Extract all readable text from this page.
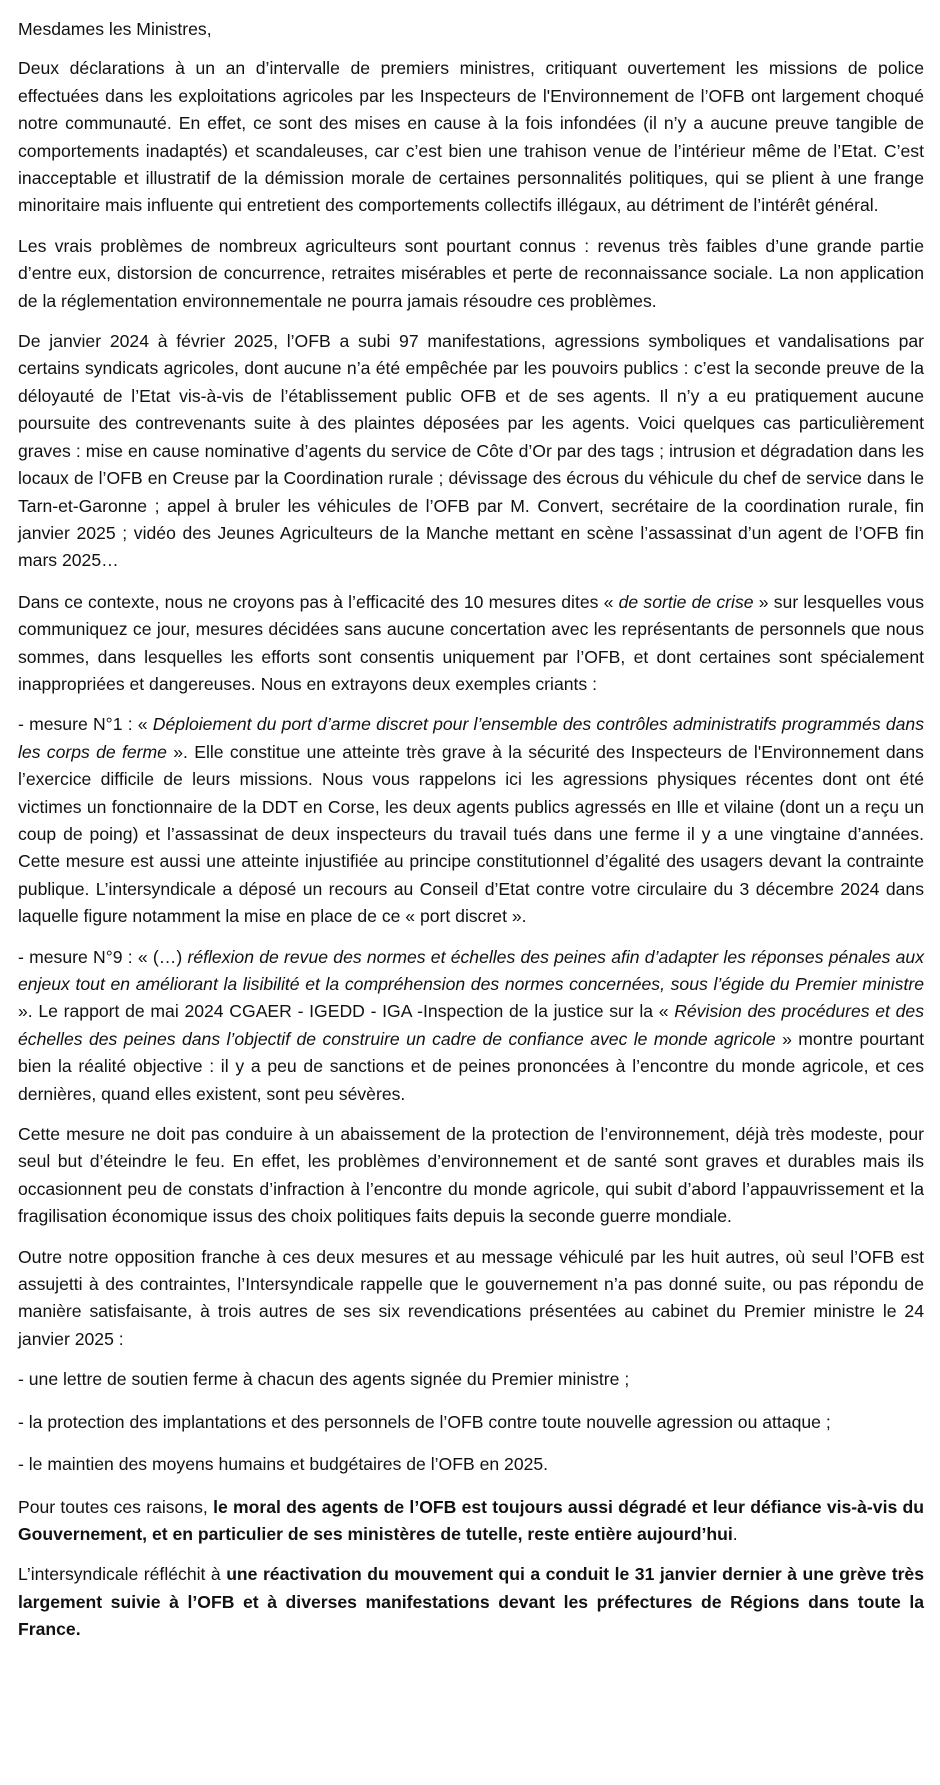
Mesdames les Ministres,

Deux déclarations à un an d’intervalle de premiers ministres, critiquant ouvertement les missions de police effectuées dans les exploitations agricoles par les Inspecteurs de l'Environnement de l’OFB ont largement choqué notre communauté. En effet, ce sont des mises en cause à la fois infondées (il n’y a aucune preuve tangible de comportements inadaptés) et scandaleuses, car c’est bien une trahison venue de l’intérieur même de l’Etat. C’est inacceptable et illustratif de la démission morale de certaines personnalités politiques, qui se plient à une frange minoritaire mais influente qui entretient des comportements collectifs illégaux, au détriment de l’intérêt général.

Les vrais problèmes de nombreux agriculteurs sont pourtant connus : revenus très faibles d’une grande partie d’entre eux, distorsion de concurrence, retraites misérables et perte de reconnaissance sociale. La non application de la réglementation environnementale ne pourra jamais résoudre ces problèmes.

De janvier 2024 à février 2025, l’OFB a subi 97 manifestations, agressions symboliques et vandalisations par certains syndicats agricoles, dont aucune n’a été empêchée par les pouvoirs publics : c’est la seconde preuve de la déloyauté de l’Etat vis-à-vis de l’établissement public OFB et de ses agents. Il n’y a eu pratiquement aucune poursuite des contrevenants suite à des plaintes déposées par les agents. Voici quelques cas particulièrement graves : mise en cause nominative d’agents du service de Côte d’Or par des tags ; intrusion et dégradation dans les locaux de l’OFB en Creuse par la Coordination rurale ; dévissage des écrous du véhicule du chef de service dans le Tarn-et-Garonne ; appel à bruler les véhicules de l’OFB par M. Convert, secrétaire de la coordination rurale, fin janvier 2025 ; vidéo des Jeunes Agriculteurs de la Manche mettant en scène l’assassinat d’un agent de l’OFB fin mars 2025…

Dans ce contexte, nous ne croyons pas à l’efficacité des 10 mesures dites « de sortie de crise » sur lesquelles vous communiquez ce jour, mesures décidées sans aucune concertation avec les représentants de personnels que nous sommes, dans lesquelles les efforts sont consentis uniquement par l’OFB, et dont certaines sont spécialement inappropriées et dangereuses. Nous en extrayons deux exemples criants :

- mesure N°1 : « Déploiement du port d’arme discret pour l’ensemble des contrôles administratifs programmés dans les corps de ferme ». Elle constitue une atteinte très grave à la sécurité des Inspecteurs de l'Environnement dans l’exercice difficile de leurs missions. Nous vous rappelons ici les agressions physiques récentes dont ont été victimes un fonctionnaire de la DDT en Corse, les deux agents publics agressés en Ille et vilaine (dont un a reçu un coup de poing) et l’assassinat de deux inspecteurs du travail tués dans une ferme il y a une vingtaine d’années. Cette mesure est aussi une atteinte injustifiée au principe constitutionnel d’égalité des usagers devant la contrainte publique. L’intersyndicale a déposé un recours au Conseil d’Etat contre votre circulaire du 3 décembre 2024 dans laquelle figure notamment la mise en place de ce « port discret ».

- mesure N°9 : « (…) réflexion de revue des normes et échelles des peines afin d’adapter les réponses pénales aux enjeux tout en améliorant la lisibilité et la compréhension des normes concernées, sous l’égide du Premier ministre ». Le rapport de mai 2024 CGAER - IGEDD - IGA -Inspection de la justice sur la « Révision des procédures et des échelles des peines dans l’objectif de construire un cadre de confiance avec le monde agricole » montre pourtant bien la réalité objective : il y a peu de sanctions et de peines prononcées à l’encontre du monde agricole, et ces dernières, quand elles existent, sont peu sévères.

Cette mesure ne doit pas conduire à un abaissement de la protection de l’environnement, déjà très modeste, pour seul but d’éteindre le feu. En effet, les problèmes d’environnement et de santé sont graves et durables mais ils occasionnent peu de constats d’infraction à l’encontre du monde agricole, qui subit d’abord l’appauvrissement et la fragilisation économique issus des choix politiques faits depuis la seconde guerre mondiale.

Outre notre opposition franche à ces deux mesures et au message véhiculé par les huit autres, où seul l’OFB est assujetti à des contraintes, l’Intersyndicale rappelle que le gouvernement n’a pas donné suite, ou pas répondu de manière satisfaisante, à trois autres de ses six revendications présentées au cabinet du Premier ministre le 24 janvier 2025 :

- une lettre de soutien ferme à chacun des agents signée du Premier ministre ;

- la protection des implantations et des personnels de l’OFB contre toute nouvelle agression ou attaque ;

- le maintien des moyens humains et budgétaires de l’OFB en 2025.

Pour toutes ces raisons, le moral des agents de l’OFB est toujours aussi dégradé et leur défiance vis-à-vis du Gouvernement, et en particulier de ses ministères de tutelle, reste entière aujourd’hui.

L’intersyndicale réfléchit à une réactivation du mouvement qui a conduit le 31 janvier dernier à une grève très largement suivie à l’OFB et à diverses manifestations devant les préfectures de Régions dans toute la France.
